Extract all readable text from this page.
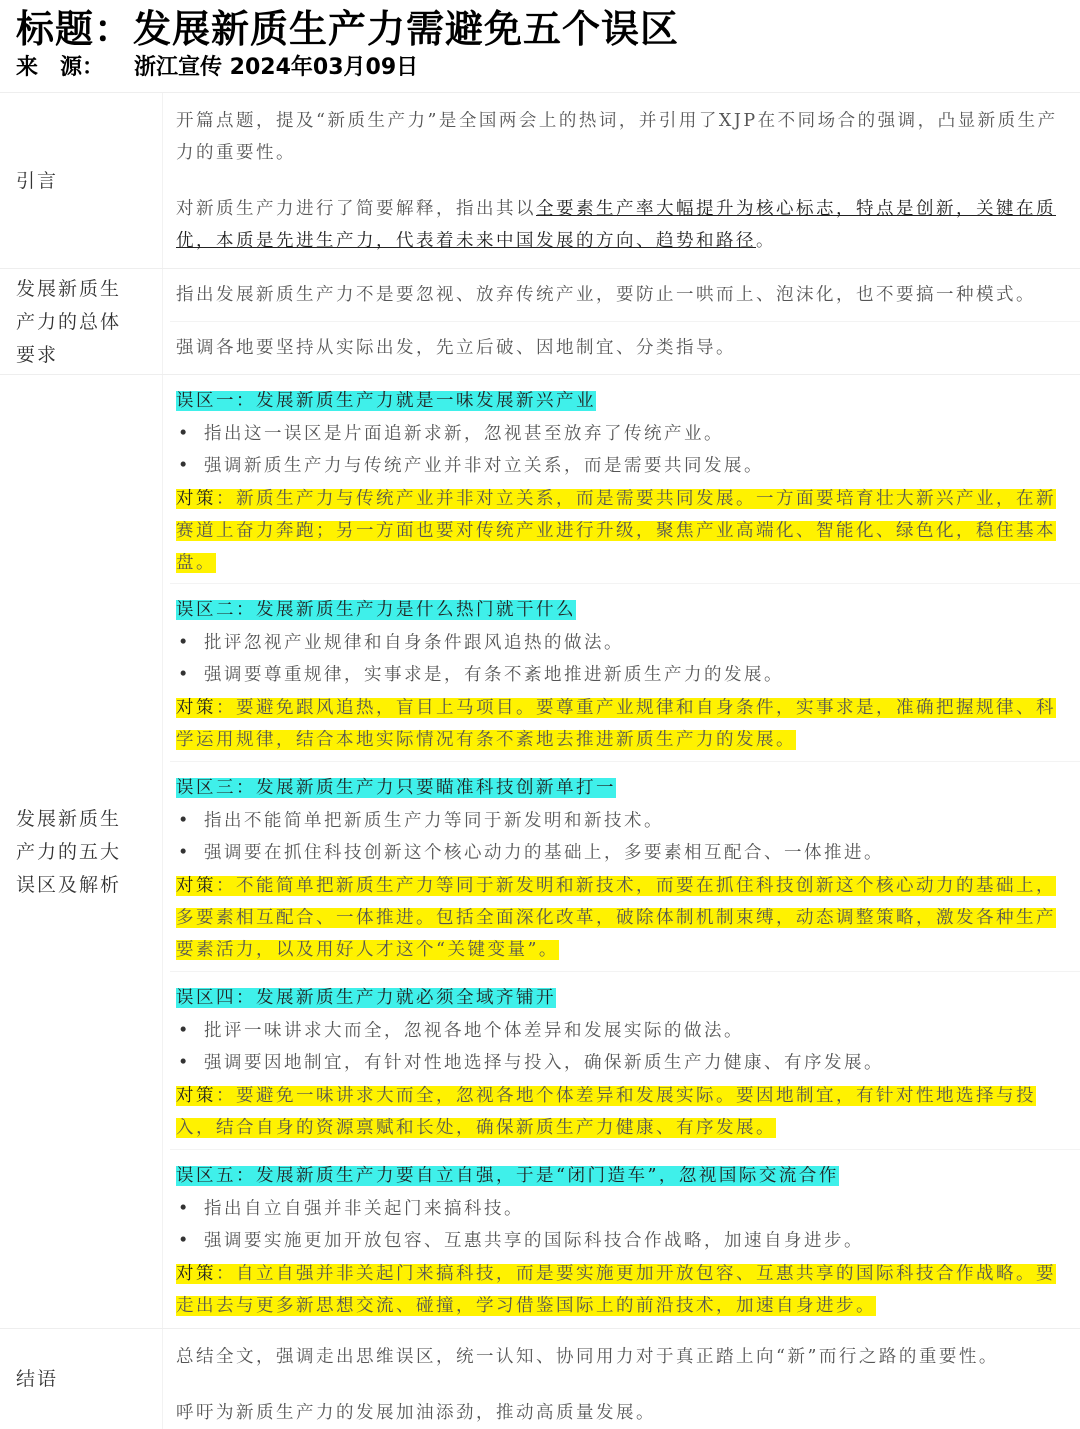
标题：发展新质生产力需避免五个误区
来　源： 浙江宣传 2024年03月09日
引言
开篇点题，提及“新质生产力”是全国两会上的热词，并引用了XJP在不同场合的强调，凸显新质生产力的重要性。
对新质生产力进行了简要解释，指出其以全要素生产率大幅提升为核心标志，特点是创新，关键在质优，本质是先进生产力，代表着未来中国发展的方向、趋势和路径。
发展新质生产力的总体要求
指出发展新质生产力不是要忽视、放弃传统产业，要防止一哄而上、泡沫化，也不要搞一种模式。
强调各地要坚持从实际出发，先立后破、因地制宜、分类指导。
发展新质生产力的五大误区及解析
误区一：发展新质生产力就是一味发展新兴产业
• 指出这一误区是片面追新求新，忽视甚至放弃了传统产业。
• 强调新质生产力与传统产业并非对立关系，而是需要共同发展。
对策：新质生产力与传统产业并非对立关系，而是需要共同发展。一方面要培育壮大新兴产业，在新赛道上奋力奔跑；另一方面也要对传统产业进行升级，聚焦产业高端化、智能化、绿色化，稳住基本盘。
误区二：发展新质生产力是什么热门就干什么
• 批评忽视产业规律和自身条件跟风追热的做法。
• 强调要尊重规律，实事求是，有条不紊地推进新质生产力的发展。
对策：要避免跟风追热，盲目上马项目。要尊重产业规律和自身条件，实事求是，准确把握规律、科学运用规律，结合本地实际情况有条不紊地去推进新质生产力的发展。
误区三：发展新质生产力只要瞄准科技创新单打一
• 指出不能简单把新质生产力等同于新发明和新技术。
• 强调要在抓住科技创新这个核心动力的基础上，多要素相互配合、一体推进。
对策：不能简单把新质生产力等同于新发明和新技术，而要在抓住科技创新这个核心动力的基础上，多要素相互配合、一体推进。包括全面深化改革，破除体制机制束缚，动态调整策略，激发各种生产要素活力，以及用好人才这个“关键变量”。
误区四：发展新质生产力就必须全域齐铺开
• 批评一味讲求大而全，忽视各地个体差异和发展实际的做法。
• 强调要因地制宜，有针对性地选择与投入，确保新质生产力健康、有序发展。
对策：要避免一味讲求大而全，忽视各地个体差异和发展实际。要因地制宜，有针对性地选择与投入，结合自身的资源禀赋和长处，确保新质生产力健康、有序发展。
误区五：发展新质生产力要自立自强，于是“闭门造车”，忽视国际交流合作
• 指出自立自强并非关起门来搞科技。
• 强调要实施更加开放包容、互惠共享的国际科技合作战略，加速自身进步。
对策：自立自强并非关起门来搞科技，而是要实施更加开放包容、互惠共享的国际科技合作战略。要走出去与更多新思想交流、碰撞，学习借鉴国际上的前沿技术，加速自身进步。
结语
总结全文，强调走出思维误区，统一认知、协同用力对于真正踏上向“新”而行之路的重要性。
呼吁为新质生产力的发展加油添劲，推动高质量发展。
